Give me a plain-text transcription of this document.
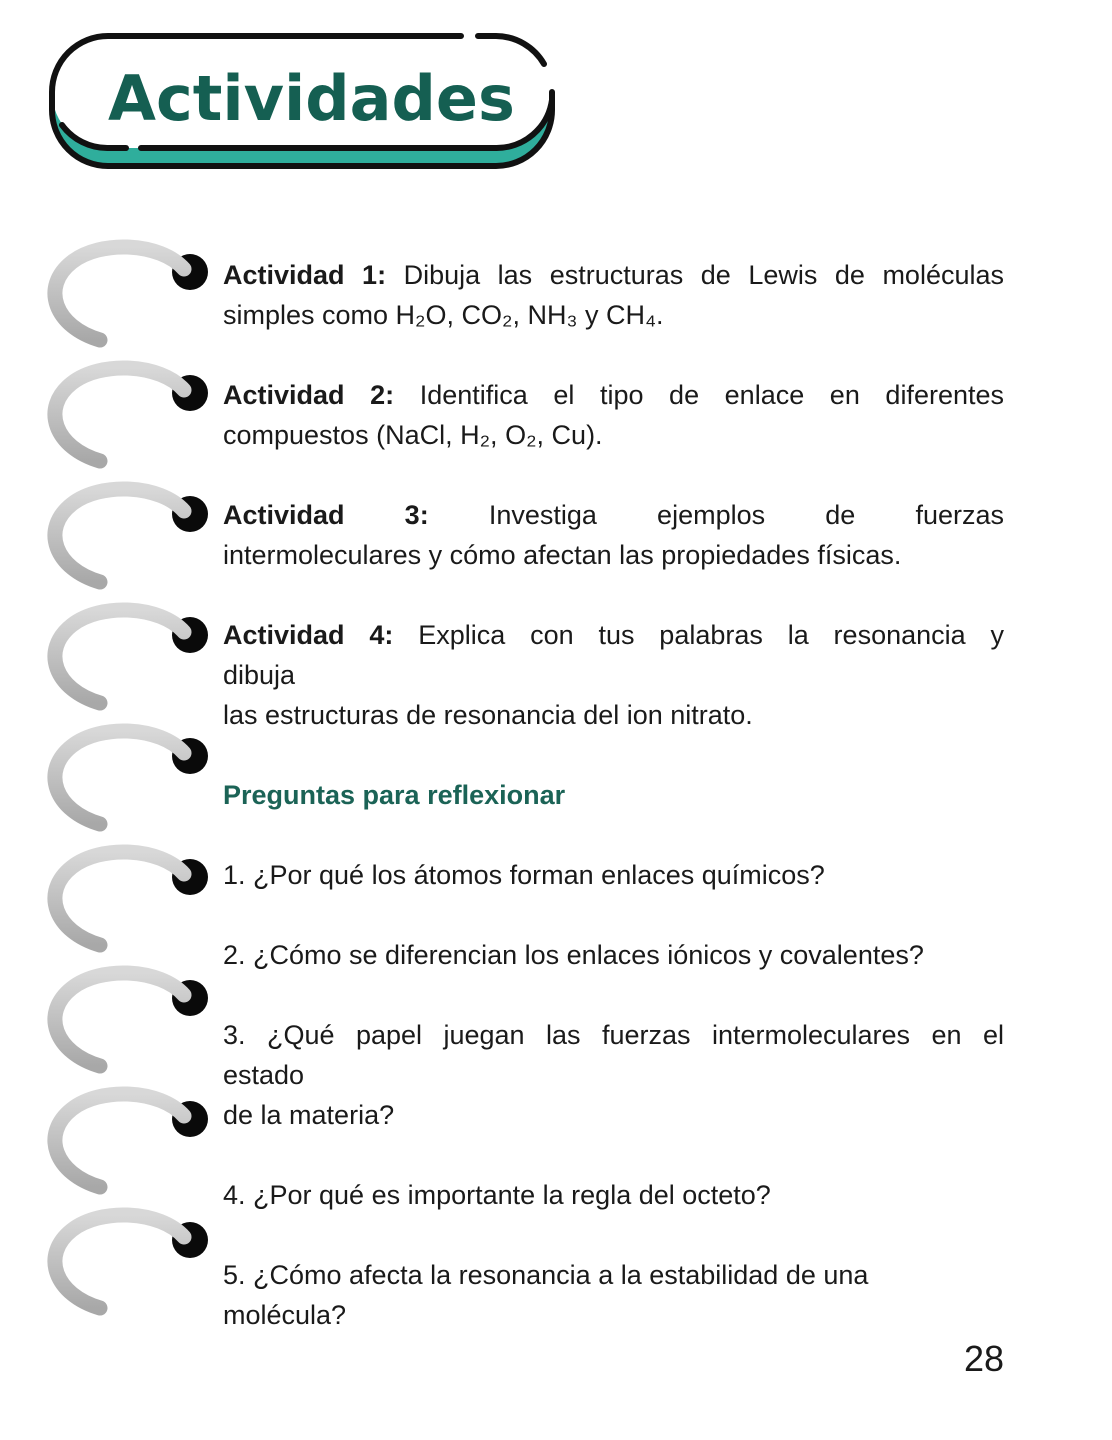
Actividades
Actividad 1: Dibuja las estructuras de Lewis de moléculas
simples como H₂O, CO₂, NH₃ y CH₄.
Actividad 2: Identifica el tipo de enlace en diferentes
compuestos (NaCl, H₂, O₂, Cu).
Actividad 3: Investiga ejemplos de fuerzas
intermoleculares y cómo afectan las propiedades físicas.
Actividad 4: Explica con tus palabras la resonancia y
dibuja
las estructuras de resonancia del ion nitrato.
Preguntas para reflexionar
1. ¿Por qué los átomos forman enlaces químicos?
2. ¿Cómo se diferencian los enlaces iónicos y covalentes?
3. ¿Qué papel juegan las fuerzas intermoleculares en el
estado
de la materia?
4. ¿Por qué es importante la regla del octeto?
5. ¿Cómo afecta la resonancia a la estabilidad de una
molécula?
28
